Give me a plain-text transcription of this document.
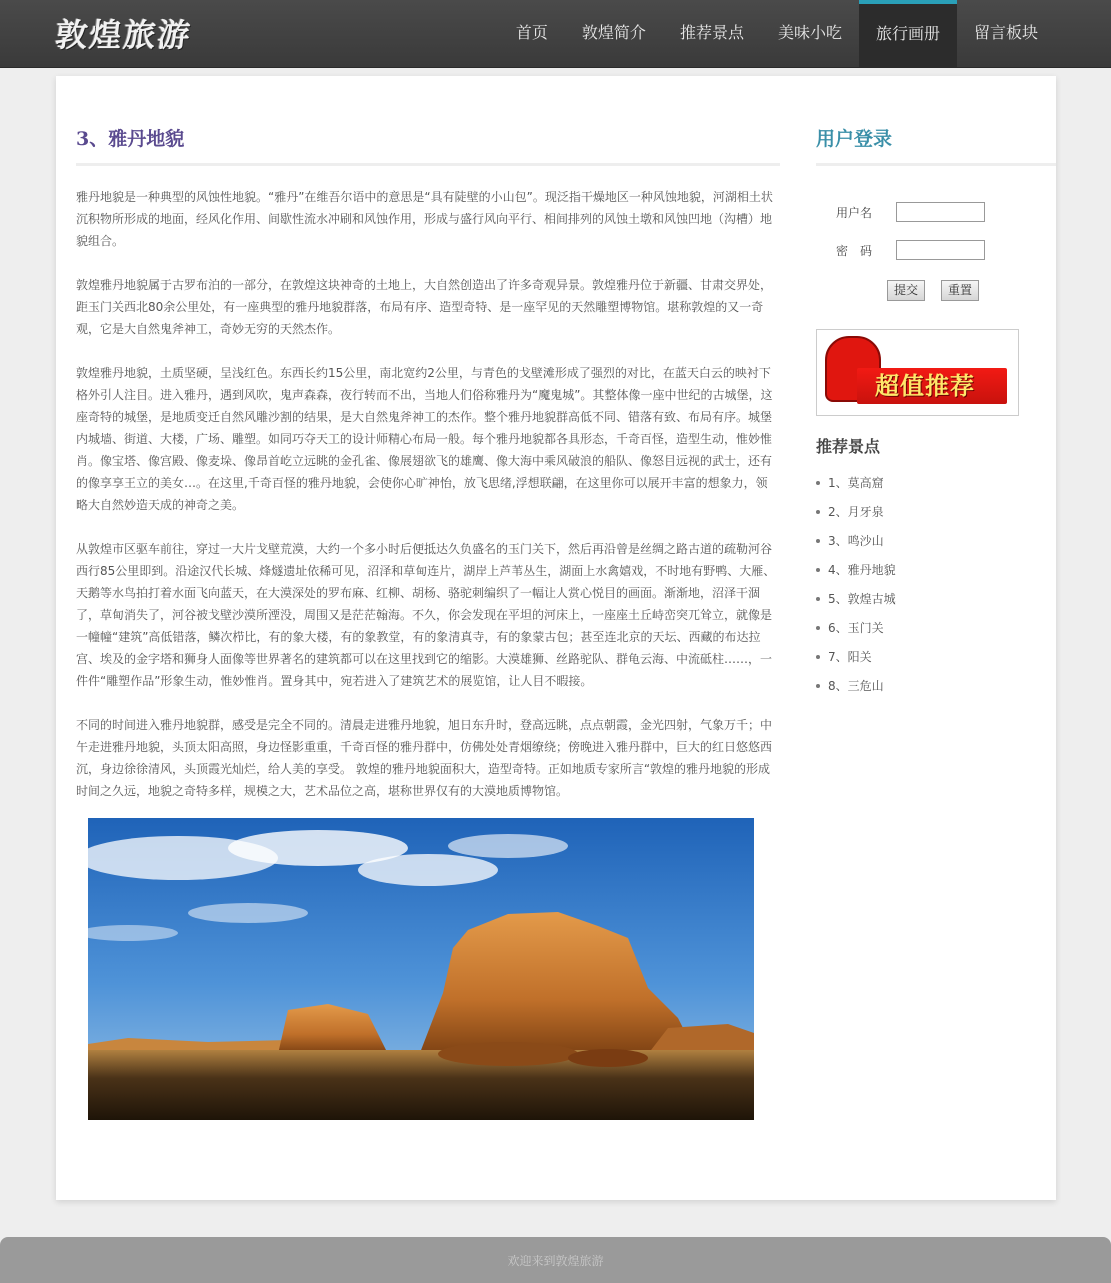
敦煌旅游	首页	敦煌简介	推荐景点	美味小吃	旅行画册	留言板块
3、雅丹地貌

雅丹地貌是一种典型的风蚀性地貌。“雅丹”在维吾尔语中的意思是“具有陡壁的小山包”。现泛指干燥地区一种风蚀地貌，河湖相土状沉积物所形成的地面，经风化作用、间歇性流水冲刷和风蚀作用，形成与盛行风向平行、相间排列的风蚀土墩和风蚀凹地（沟槽）地貌组合。

敦煌雅丹地貌属于古罗布泊的一部分，在敦煌这块神奇的土地上，大自然创造出了许多奇观异景。敦煌雅丹位于新疆、甘肃交界处，距玉门关西北80余公里处，有一座典型的雅丹地貌群落，布局有序、造型奇特、是一座罕见的天然雕塑博物馆。堪称敦煌的又一奇观，它是大自然鬼斧神工，奇妙无穷的天然杰作。

敦煌雅丹地貌，土质坚硬，呈浅红色。东西长约15公里，南北宽约2公里，与青色的戈壁滩形成了强烈的对比，在蓝天白云的映衬下格外引人注目。进入雅丹，遇到风吹，鬼声森森，夜行转而不出，当地人们俗称雅丹为“魔鬼城”。其整体像一座中世纪的古城堡，这座奇特的城堡，是地质变迁自然风雕沙割的结果，是大自然鬼斧神工的杰作。整个雅丹地貌群高低不同、错落有致、布局有序。城堡内城墙、街道、大楼，广场、雕塑。如同巧夺天工的设计师精心布局一般。每个雅丹地貌都各具形态，千奇百怪，造型生动，惟妙惟肖。像宝塔、像宫殿、像麦垛、像昂首屹立远眺的金孔雀、像展翅欲飞的雄鹰、像大海中乘风破浪的船队、像怒目远视的武士，还有的像享享王立的美女…。在这里,千奇百怪的雅丹地貌，会使你心旷神怡，放飞思绪,浮想联翩，在这里你可以展开丰富的想象力，领略大自然妙造天成的神奇之美。

从敦煌市区驱车前往，穿过一大片戈壁荒漠，大约一个多小时后便抵达久负盛名的玉门关下，然后再沿曾是丝绸之路古道的疏勒河谷西行85公里即到。沿途汉代长城、烽燧遗址依稀可见，沼泽和草甸连片，湖岸上芦苇丛生，湖面上水禽嬉戏，不时地有野鸭、大雁、天鹅等水鸟拍打着水面飞向蓝天，在大漠深处的罗布麻、红柳、胡杨、骆驼刺编织了一幅让人赏心悦目的画面。渐渐地，沼泽干涸了，草甸消失了，河谷被戈壁沙漠所湮没，周围又是茫茫翰海。不久，你会发现在平坦的河床上，一座座土丘峙峦突兀耸立，就像是一幢幢“建筑”高低错落，鳞次栉比，有的象大楼，有的象教堂，有的象清真寺，有的象蒙古包；甚至连北京的天坛、西藏的布达拉宫、埃及的金字塔和狮身人面像等世界著名的建筑都可以在这里找到它的缩影。大漠雄狮、丝路驼队、群龟云海、中流砥柱……，一件件“雕塑作品”形象生动，惟妙惟肖。置身其中，宛若进入了建筑艺术的展览馆，让人目不暇接。

不同的时间进入雅丹地貌群，感受是完全不同的。清晨走进雅丹地貌，旭日东升时，登高远眺，点点朝霞，金光四射，气象万千；中午走进雅丹地貌，头顶太阳高照，身边怪影重重，千奇百怪的雅丹群中，仿佛处处青烟缭绕；傍晚进入雅丹群中，巨大的红日悠悠西沉，身边徐徐清风，头顶霞光灿烂，给人美的享受。 敦煌的雅丹地貌面积大，造型奇特。正如地质专家所言“敦煌的雅丹地貌的形成时间之久远，地貌之奇特多样，规模之大，艺术品位之高，堪称世界仅有的大漠地质博物馆。

用户登录
用户名
密　码
提交	重置
超值推荐
推荐景点
1、莫高窟
2、月牙泉
3、鸣沙山
4、雅丹地貌
5、敦煌古城
6、玉门关
7、阳关
8、三危山
欢迎来到敦煌旅游
